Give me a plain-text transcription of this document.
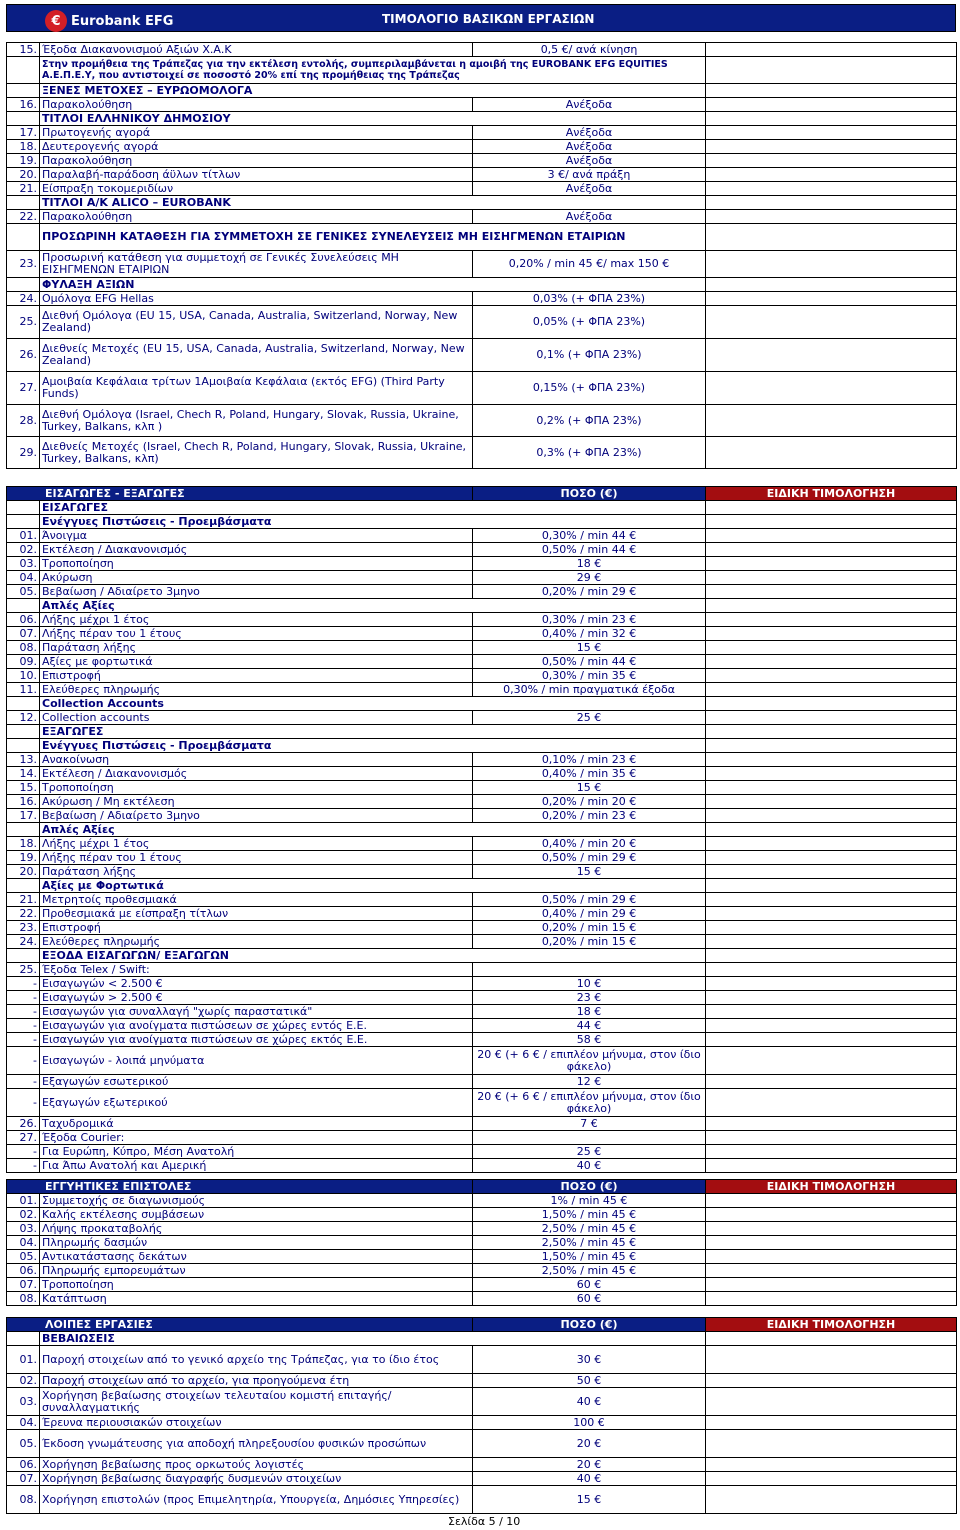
€ Eurobank EFG	ΤΙΜΟΛΟΓΙΟ ΒΑΣΙΚΩΝ ΕΡΓΑΣΙΩΝ
15.	Έξοδα Διακανονισμού Αξιών Χ.Α.Κ	0,5 €/ ανά κίνηση	
	Στην προμήθεια της Τράπεζας για την εκτέλεση εντολής, συμπεριλαμβάνεται η αμοιβή της EUROBANK EFG EQUITIES Α.Ε.Π.Ε.Υ, που αντιστοιχεί σε ποσοστό 20% επί της προμήθειας της Τράπεζας		
	ΞΕΝΕΣ ΜΕΤΟΧΕΣ – ΕΥΡΩΟΜΟΛΟΓΑ		
16.	Παρακολούθηση	Ανέξοδα	
	ΤΙΤΛΟΙ ΕΛΛΗΝΙΚΟΥ ΔΗΜΟΣΙΟΥ		
17.	Πρωτογενής αγορά	Ανέξοδα	
18.	Δευτερογενής αγορά	Ανέξοδα	
19.	Παρακολούθηση	Ανέξοδα	
20.	Παραλαβή-παράδοση άϋλων τίτλων	3 €/ ανά πράξη	
21.	Είσπραξη τοκομεριδίων	Ανέξοδα	
	ΤΙΤΛΟΙ Α/Κ ALICO – EUROBANK		
22.	Παρακολούθηση	Ανέξοδα	
	ΠΡΟΣΩΡΙΝΗ ΚΑΤΑΘΕΣΗ ΓΙΑ ΣΥΜΜΕΤΟΧΗ ΣΕ ΓΕΝΙΚΕΣ ΣΥΝΕΛΕΥΣΕΙΣ ΜΗ ΕΙΣΗΓΜΕΝΩΝ ΕΤΑΙΡΙΩΝ		
23.	Προσωρινή κατάθεση για συμμετοχή σε Γενικές Συνελεύσεις ΜΗ ΕΙΣΗΓΜΕΝΩΝ ΕΤΑΙΡΙΩΝ	0,20% / min 45 €/ max 150 €	
	ΦΥΛΑΞΗ ΑΞΙΩΝ		
24.	Ομόλογα EFG Hellas	0,03% (+ ΦΠΑ 23%)	
25.	Διεθνή Ομόλογα (EU 15, USA, Canada, Australia, Switzerland, Norway, New Zealand)	0,05% (+ ΦΠΑ 23%)	
26.	Διεθνείς Μετοχές (EU 15, USA, Canada, Australia, Switzerland, Norway, New Zealand)	0,1% (+ ΦΠΑ 23%)	
27.	Αμοιβαία Κεφάλαια τρίτων 1Αμοιβαία Κεφάλαια (εκτός EFG) (Third Party Funds)	0,15% (+ ΦΠΑ 23%)	
28.	Διεθνή Ομόλογα (Israel, Chech R, Poland, Hungary, Slovak, Russia, Ukraine, Turkey, Balkans, κλπ )	0,2% (+ ΦΠΑ 23%)	
29.	Διεθνείς Μετοχές (Israel, Chech R, Poland, Hungary, Slovak, Russia, Ukraine, Turkey, Balkans, κλπ)	0,3% (+ ΦΠΑ 23%)	
ΕΙΣΑΓΩΓΕΣ - ΕΞΑΓΩΓΕΣ		ΠΟΣΟ (€)	ΕΙΔΙΚΗ ΤΙΜΟΛΟΓΗΣΗ
	ΕΙΣΑΓΩΓΕΣ		
	Ενέγγυες Πιστώσεις - Προεμβάσματα		
01.	Άνοιγμα	0,30% / min 44 €	
02.	Εκτέλεση / Διακανονισμός	0,50% / min 44 €	
03.	Τροποποίηση	18 €	
04.	Ακύρωση	29 €	
05.	Βεβαίωση / Αδιαίρετο 3μηνο	0,20% / min 29 €	
	Απλές Αξίες		
06.	Λήξης μέχρι 1 έτος	0,30% / min 23 €	
07.	Λήξης πέραν του 1 έτους	0,40% / min 32 €	
08.	Παράταση λήξης	15 €	
09.	Αξίες με φορτωτικά	0,50% / min 44 €	
10.	Επιστροφή	0,30% / min 35 €	
11.	Ελεύθερες πληρωμής	0,30% / min πραγματικά έξοδα	
	Collection Accounts		
12.	Collection accounts	25 €	
	ΕΞΑΓΩΓΕΣ		
	Ενέγγυες Πιστώσεις - Προεμβάσματα		
13.	Ανακοίνωση	0,10% / min 23 €	
14.	Εκτέλεση / Διακανονισμός	0,40% / min 35 €	
15.	Τροποποίηση	15 €	
16.	Ακύρωση / Μη εκτέλεση	0,20% / min 20 €	
17.	Βεβαίωση / Αδιαίρετο 3μηνο	0,20% / min 23 €	
	Απλές Αξίες		
18.	Λήξης μέχρι 1 έτος	0,40% / min 20 €	
19.	Λήξης πέραν του 1 έτους	0,50% / min 29 €	
20.	Παράταση λήξης	15 €	
	Αξίες με Φορτωτικά		
21.	Μετρητοίς προθεσμιακά	0,50% / min 29 €	
22.	Προθεσμιακά με είσπραξη τίτλων	0,40% / min 29 €	
23.	Επιστροφή	0,20% / min 15 €	
24.	Ελεύθερες πληρωμής	0,20% / min 15 €	
	ΕΞΟΔΑ ΕΙΣΑΓΩΓΩΝ/ ΕΞΑΓΩΓΩΝ		
25.	Έξοδα Telex / Swift:		
-	Εισαγωγών < 2.500 €	10 €	
-	Εισαγωγών > 2.500 €	23 €	
-	Εισαγωγών για συναλλαγή "χωρίς παραστατικά"	18 €	
-	Εισαγωγών για ανοίγματα πιστώσεων σε χώρες εντός Ε.Ε.	44 €	
-	Εισαγωγών για ανοίγματα πιστώσεων σε χώρες εκτός Ε.Ε.	58 €	
-	Εισαγωγών - λοιπά μηνύματα	20 € (+ 6 € / επιπλέον μήνυμα, στον ίδιο φάκελο)	
-	Εξαγωγών εσωτερικού	12 €	
-	Εξαγωγών εξωτερικού	20 € (+ 6 € / επιπλέον μήνυμα, στον ίδιο φάκελο)	
26.	Ταχυδρομικά	7 €	
27.	Έξοδα Courier:		
-	Για Ευρώπη, Κύπρο, Μέση Ανατολή	25 €	
-	Για Άπω Ανατολή και Αμερική	40 €	
ΕΓΓΥΗΤΙΚΕΣ ΕΠΙΣΤΟΛΕΣ		ΠΟΣΟ (€)	ΕΙΔΙΚΗ ΤΙΜΟΛΟΓΗΣΗ
01.	Συμμετοχής σε διαγωνισμούς	1% / min 45 €	
02.	Καλής εκτέλεσης συμβάσεων	1,50% / min 45 €	
03.	Λήψης προκαταβολής	2,50% / min 45 €	
04.	Πληρωμής δασμών	2,50% / min 45 €	
05.	Αντικατάστασης δεκάτων	1,50% / min 45 €	
06.	Πληρωμής εμπορευμάτων	2,50% / min 45 €	
07.	Τροποποίηση	60 €	
08.	Κατάπτωση	60 €	
ΛΟΙΠΕΣ ΕΡΓΑΣΙΕΣ		ΠΟΣΟ (€)	ΕΙΔΙΚΗ ΤΙΜΟΛΟΓΗΣΗ
	ΒΕΒΑΙΩΣΕΙΣ		
01.	Παροχή στοιχείων από το γενικό αρχείο της Τράπεζας, για το ίδιο έτος	30 €	
02.	Παροχή στοιχείων από το αρχείο, για προηγούμενα έτη	50 €	
03.	Χορήγηση βεβαίωσης στοιχείων τελευταίου κομιστή επιταγής/ συναλλαγματικής	40 €	
04.	Έρευνα περιουσιακών στοιχείων	100 €	
05.	Έκδοση γνωμάτευσης για αποδοχή πληρεξουσίου φυσικών προσώπων	20 €	
06.	Χορήγηση βεβαίωσης προς ορκωτούς λογιστές	20 €	
07.	Χορήγηση βεβαίωσης διαγραφής δυσμενών στοιχείων	40 €	
08.	Χορήγηση επιστολών (προς Επιμελητηρία, Υπουργεία, Δημόσιες Υπηρεσίες)	15 €	
Σελίδα 5 / 10
